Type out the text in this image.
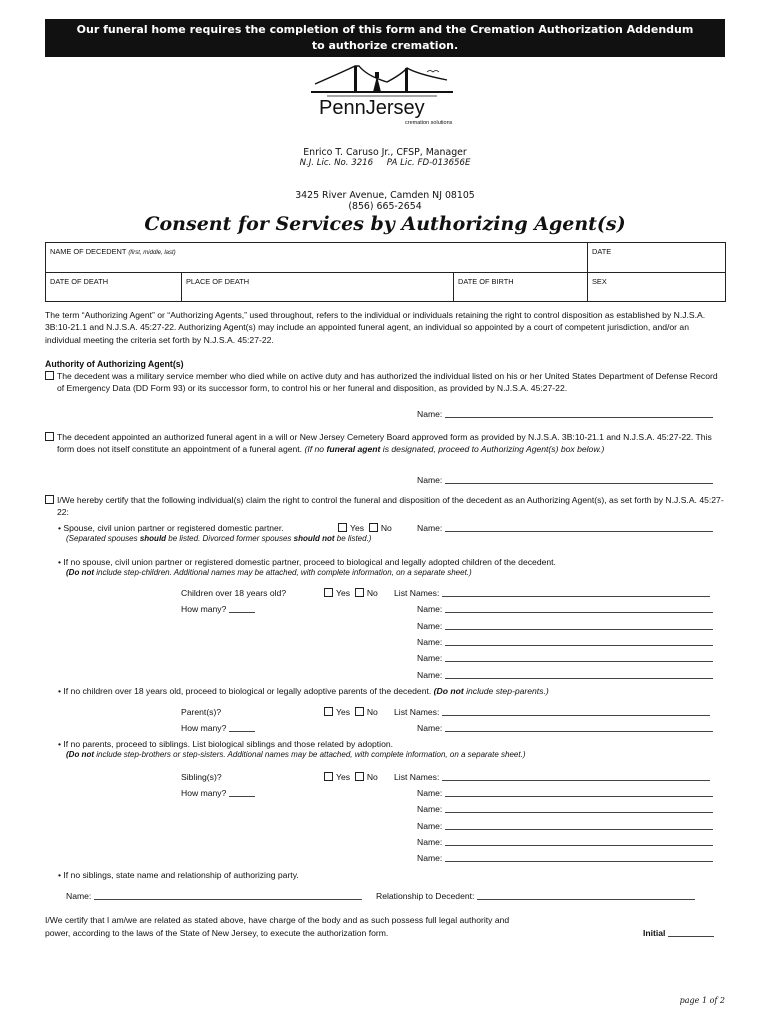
Our funeral home requires the completion of this form and the Cremation Authorization Addendum
to authorize cremation.
PennJersey
cremation solutions
Enrico T. Caruso Jr., CFSP, Manager
N.J. Lic. No. 3216 PA Lic. FD-013656E
3425 River Avenue, Camden NJ 08105
(856) 665-2654
Consent for Services by Authorizing Agent(s)
NAME OF DECEDENT (first, middle, last)			DATE
DATE OF DEATH	PLACE OF DEATH	DATE OF BIRTH	SEX
The term “Authorizing Agent” or “Authorizing Agents,” used throughout, refers to the individual or individuals retaining the right to control disposition as established by N.J.S.A. 3B:10-21.1 and N.J.S.A. 45:27-22. Authorizing Agent(s) may include an appointed funeral agent, an individual so appointed by a court of competent jurisdiction, and/or an individual meeting the criteria set forth by N.J.S.A. 45:27-22.
Authority of Authorizing Agent(s)
The decedent was a military service member who died while on active duty and has authorized the individual listed on his or her United States Department of Defense Record of Emergency Data (DD Form 93) or its successor form, to control his or her funeral and disposition, as provided by N.J.S.A. 45:27-22.
Name:
The decedent appointed an authorized funeral agent in a will or New Jersey Cemetery Board approved form as provided by N.J.S.A. 3B:10-21.1 and N.J.S.A. 45:27-22. This form does not itself constitute an appointment of a funeral agent. (If no funeral agent is designated, proceed to Authorizing Agent(s) box below.)
Name:
I/We hereby certify that the following individual(s) claim the right to control the funeral and disposition of the decedent as an Authorizing Agent(s), as set forth by N.J.S.A. 45:27-22:
• Spouse, civil union partner or registered domestic partner.	Yes No	Name:
(Separated spouses should be listed. Divorced former spouses should not be listed.)
• If no spouse, civil union partner or registered domestic partner, proceed to biological and legally adopted children of the decedent.
(Do not include step-children. Additional names may be attached, with complete information, on a separate sheet.)
Children over 18 years old?	Yes No List Names:
How many?	Name:
Name:
Name:
Name:
Name:
• If no children over 18 years old, proceed to biological or legally adoptive parents of the decedent. (Do not include step-parents.)
Parent(s)?	Yes No List Names:
How many?	Name:
• If no parents, proceed to siblings. List biological siblings and those related by adoption.
(Do not include step-brothers or step-sisters. Additional names may be attached, with complete information, on a separate sheet.)
Sibling(s)?	Yes No List Names:
How many?	Name:
Name:
Name:
Name:
Name:
• If no siblings, state name and relationship of authorizing party.
Name:	Relationship to Decedent:
I/We certify that I am/we are related as stated above, have charge of the body and as such possess full legal authority and
power, according to the laws of the State of New Jersey, to execute the authorization form.	Initial
page 1 of 2
